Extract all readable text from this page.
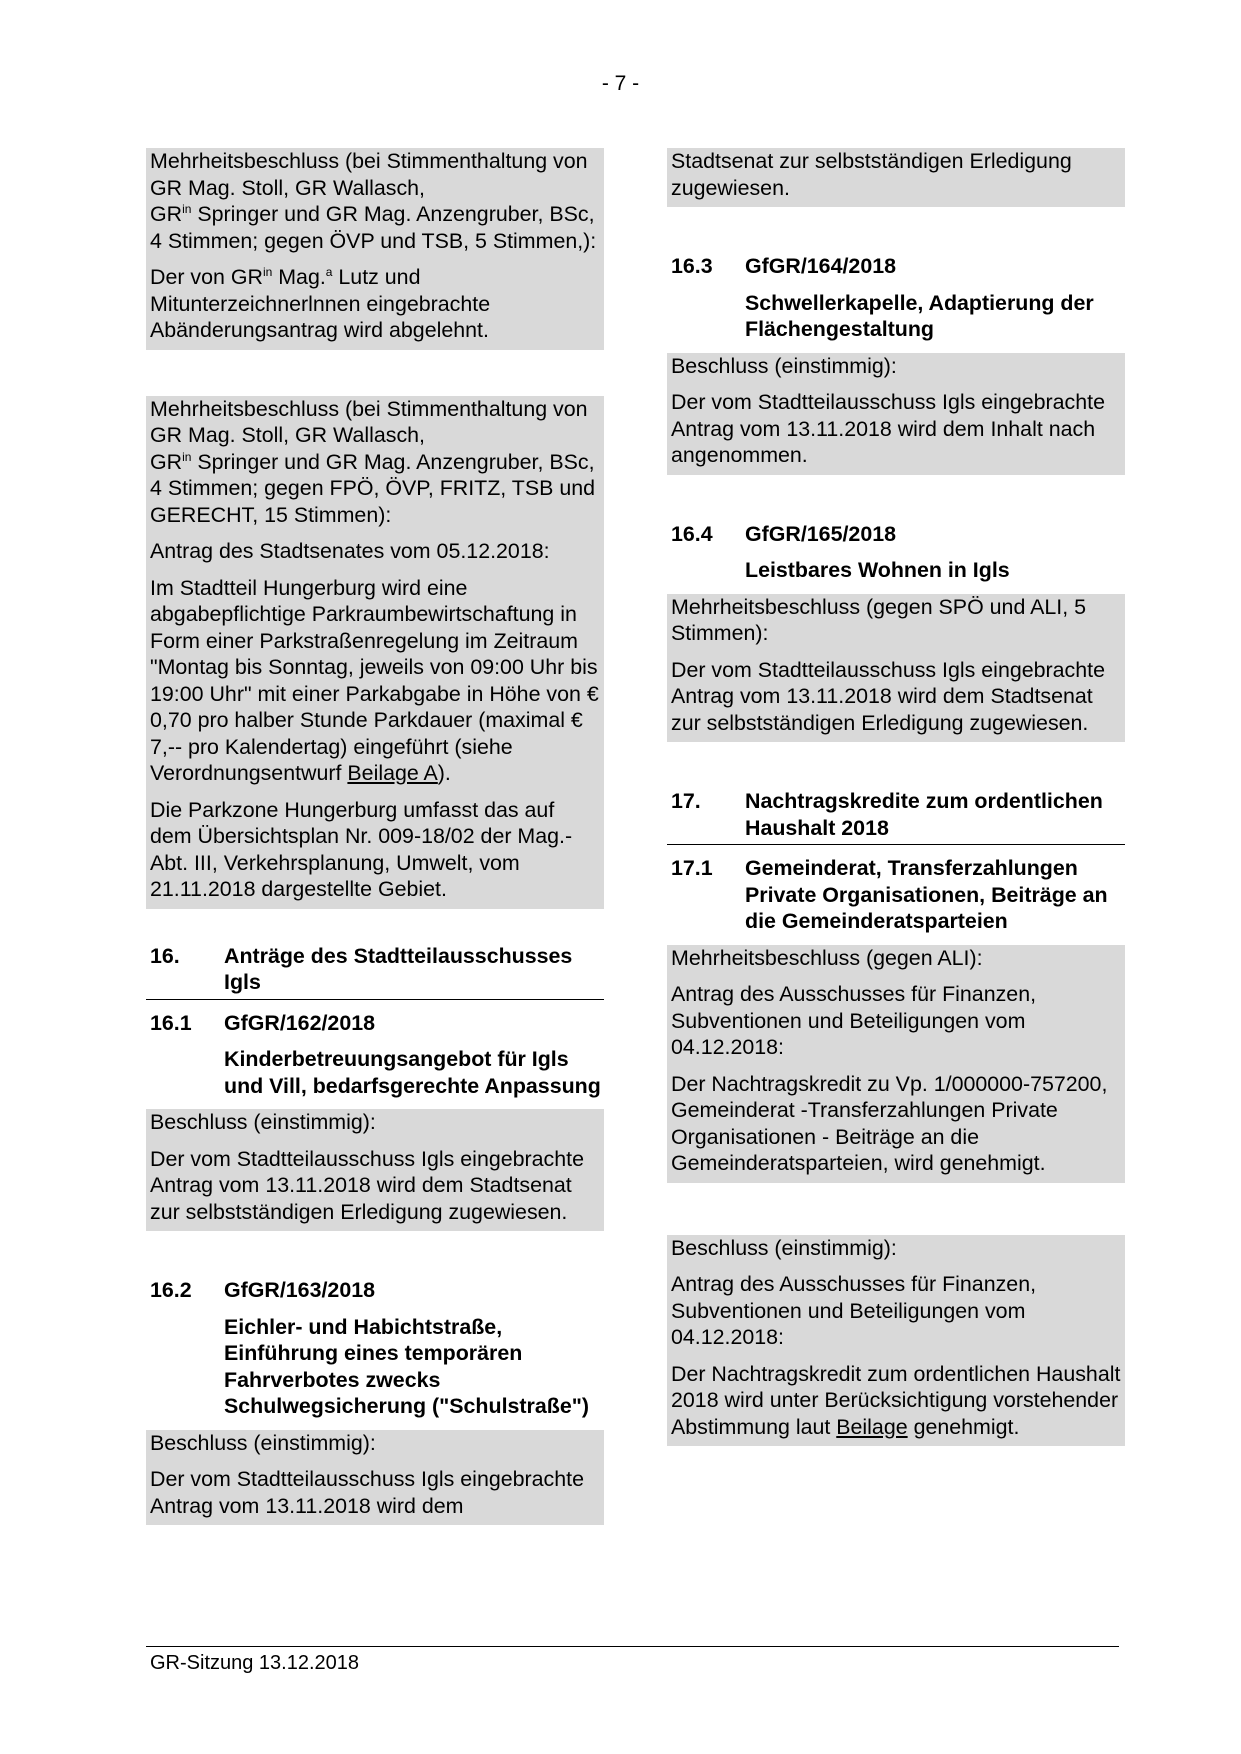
- 7 -

Mehrheitsbeschluss (bei Stimmenthaltung von GR Mag. Stoll, GR Wallasch,
$GR^{in}$ Springer und GR Mag. Anzengruber, BSc, 4 Stimmen; gegen ÖVP und TSB, 5 Stimmen,):

Der von $GR^{in}$ Mag.$^a$ Lutz und Mitunterzeichnerlnnen eingebrachte Abänderungsantrag wird abgelehnt.

Mehrheitsbeschluss (bei Stimmenthaltung von GR Mag. Stoll, GR Wallasch,
$GR^{in}$ Springer und GR Mag. Anzengruber, BSc, 4 Stimmen; gegen FPÖ, ÖVP, FRITZ, TSB und GERECHT, 15 Stimmen):

Antrag des Stadtsenates vom 05.12.2018:

Im Stadtteil Hungerburg wird eine abgabepflichtige Parkraumbewirtschaftung in Form einer Parkstraßenregelung im Zeitraum "Montag bis Sonntag, jeweils von 09:00 Uhr bis 19:00 Uhr" mit einer Parkabgabe in Höhe von € 0,70 pro halber Stunde Parkdauer (maximal € 7,-- pro Kalendertag) eingeführt (siehe Verordnungsentwurf Beilage A).

Die Parkzone Hungerburg umfasst das auf dem Übersichtsplan Nr. 009-18/02 der Mag.-Abt. III, Verkehrsplanung, Umwelt, vom 21.11.2018 dargestellte Gebiet.

16.	Anträge des Stadtteilausschusses Igls
16.1	GfGR/162/2018
Kinderbetreuungsangebot für Igls und Vill, bedarfsgerechte Anpassung

Beschluss (einstimmig):

Der vom Stadtteilausschuss Igls eingebrachte Antrag vom 13.11.2018 wird dem Stadtsenat zur selbstständigen Erledigung zugewiesen.

16.2	GfGR/163/2018
Eichler- und Habichtstraße, Einführung eines temporären Fahrverbotes zwecks Schulwegsicherung ("Schulstraße")

Beschluss (einstimmig):

Der vom Stadtteilausschuss Igls eingebrachte Antrag vom 13.11.2018 wird dem

Stadtsenat zur selbstständigen Erledigung zugewiesen.

16.3	GfGR/164/2018
Schwellerkapelle, Adaptierung der Flächengestaltung

Beschluss (einstimmig):

Der vom Stadtteilausschuss Igls eingebrachte Antrag vom 13.11.2018 wird dem Inhalt nach angenommen.

16.4	GfGR/165/2018
Leistbares Wohnen in Igls

Mehrheitsbeschluss (gegen SPÖ und ALI, 5 Stimmen):

Der vom Stadtteilausschuss Igls eingebrachte Antrag vom 13.11.2018 wird dem Stadtsenat zur selbstständigen Erledigung zugewiesen.

17.	Nachtragskredite zum ordentlichen Haushalt 2018
17.1	Gemeinderat, Transferzahlungen Private Organisationen, Beiträge an die Gemeinderatsparteien

Mehrheitsbeschluss (gegen ALI):

Antrag des Ausschusses für Finanzen, Subventionen und Beteiligungen vom 04.12.2018:

Der Nachtragskredit zu Vp. 1/000000-757200, Gemeinderat -Transferzahlungen Private Organisationen - Beiträge an die Gemeinderatsparteien, wird genehmigt.

Beschluss (einstimmig):

Antrag des Ausschusses für Finanzen, Subventionen und Beteiligungen vom 04.12.2018:

Der Nachtragskredit zum ordentlichen Haushalt 2018 wird unter Berücksichtigung vorstehender Abstimmung laut Beilage genehmigt.

GR-Sitzung 13.12.2018
